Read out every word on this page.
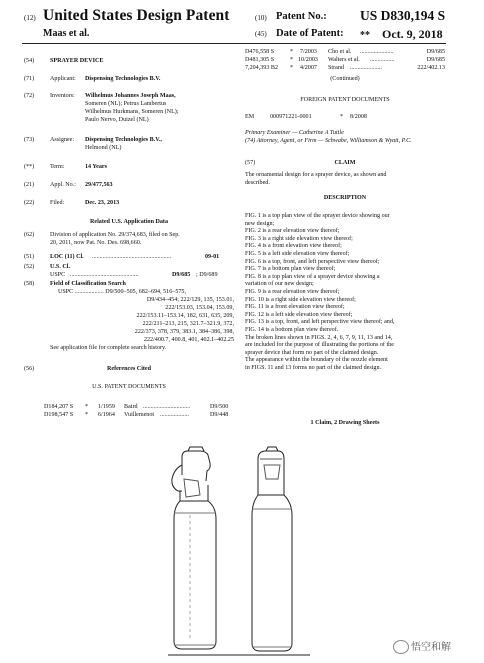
(12) United States Design Patent	(10) Patent No.: US D830,194 S
Maas et al.	(45) Date of Patent: ** Oct. 9, 2018
(54)	SPRAYER DEVICE
(71)	Applicant: Dispensing Technologies B.V.
(72)	Inventors: Wilhelmus Johannes Joseph Maas,
Someren (NL); Petrus Lambertus
Wilhelmus Hurkmans, Someren (NL);
Paulo Nervo, Duizel (NL)
(73)	Assignee: Dispensing Technologies B.V.,
Helmond (NL)
(**)	Term:	14 Years
(21)	Appl. No.: 29/477,563
(22)	Filed:	Dec. 23, 2013
Related U.S. Application Data
(62)	Division of application No. 29/374,683, filed on Sep.
20, 2011, now Pat. No. Des. 698,660.
(51)	LOC (11) Cl. ....................................................	09-01
(52)	U.S. Cl.
USPC .............................................	D9/685 ; D9/689
(58)	Field of Classification Search
USPC ................... D9/500–505, 682–694, 516–575,
D9/434–454; 222/129, 135, 153.01,
222/153.03, 153.04, 153.09,
222/153.11–153.14, 182, 631, 635, 209,
222/211–213, 215, 321.7–321.9, 372,
222/373, 378, 379, 383.1, 384–386, 398,
222/400.7, 400.8, 401, 402.1–402.25
See application file for complete search history.
(56)	References Cited
U.S. PATENT DOCUMENTS
D184,207 S * 1/1959 Baird ...............................	D9/500
D198,547 S * 6/1964 Vuillemenot ...................	D9/448
D476,558 S	* 7/2003 Cho et al. ......................	D9/685
D481,305 S	* 10/2003 Walters et al. ................	D9/685
7,204,393 B2 * 4/2007 Strand .....................	222/402.13
(Continued)
FOREIGN PATENT DOCUMENTS
EM	000971221-0001	* 8/2008
Primary Examiner — Catherine A Tuttle
(74) Attorney, Agent, or Firm — Schwabe, Williamson & Wyatt, P.C.
(57)	CLAIM
The ornamental design for a sprayer device, as shown and
described.
DESCRIPTION
FIG. 1 is a top plan view of the sprayer device showing our
new design;
FIG. 2 is a rear elevation view thereof;
FIG. 3 is a right side elevation view thereof;
FIG. 4 is a front elevation view thereof;
FIG. 5 is a left side elevation view thereof;
FIG. 6 is a top, front, and left perspective view thereof;
FIG. 7 is a bottom plan view thereof;
FIG. 8 is a top plan view of a sprayer device showing a
variation of our new design;
FIG. 9 is a rear elevation view thereof;
FIG. 10 is a right side elevation view thereof;
FIG. 11 is a front elevation view thereof;
FIG. 12 is a left side elevation view thereof;
FIG. 13 is a top, front, and left perspective view thereof; and,
FIG. 14 is a bottom plan view thereof.
The broken lines shown in FIGS. 2, 4, 6, 7, 9, 11, 13 and 14,
are included for the purpose of illustrating the portions of the
sprayer device that form no part of the claimed design.
The appearance within the boundary of the nozzle element
in FIGS. 11 and 13 forms no part of the claimed design.
1 Claim, 2 Drawing Sheets
悟空和解
